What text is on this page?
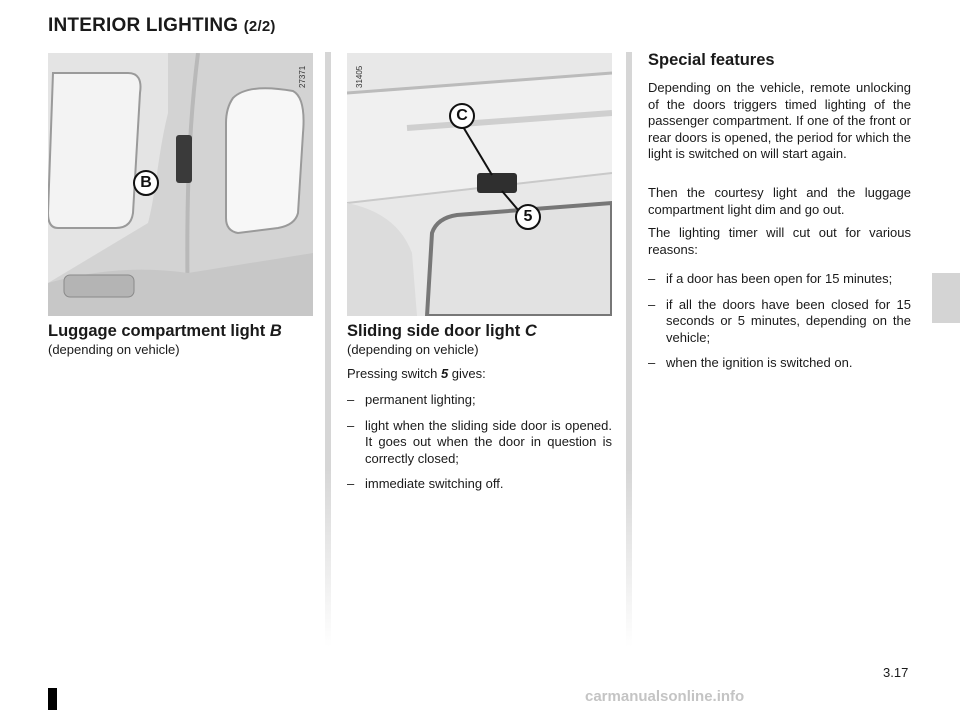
INTERIOR LIGHTING (2/2)
27371
B
Luggage compartment light B
(depending on vehicle)
31405
C
5
Sliding side door light C
(depending on vehicle)
Pressing switch 5 gives:
– permanent lighting;
– light when the sliding side door is opened. It goes out when the door in question is correctly closed;
– immediate switching off.
Special features
Depending on the vehicle, remote unlocking of the doors triggers timed lighting of the passenger compartment. If one of the front or rear doors is opened, the period for which the light is switched on will start again.
Then the courtesy light and the luggage compartment light dim and go out.
The lighting timer will cut out for various reasons:
– if a door has been open for 15 minutes;
– if all the doors have been closed for 15 seconds or 5 minutes, depending on the vehicle;
– when the ignition is switched on.
3.17
carmanualsonline.info
